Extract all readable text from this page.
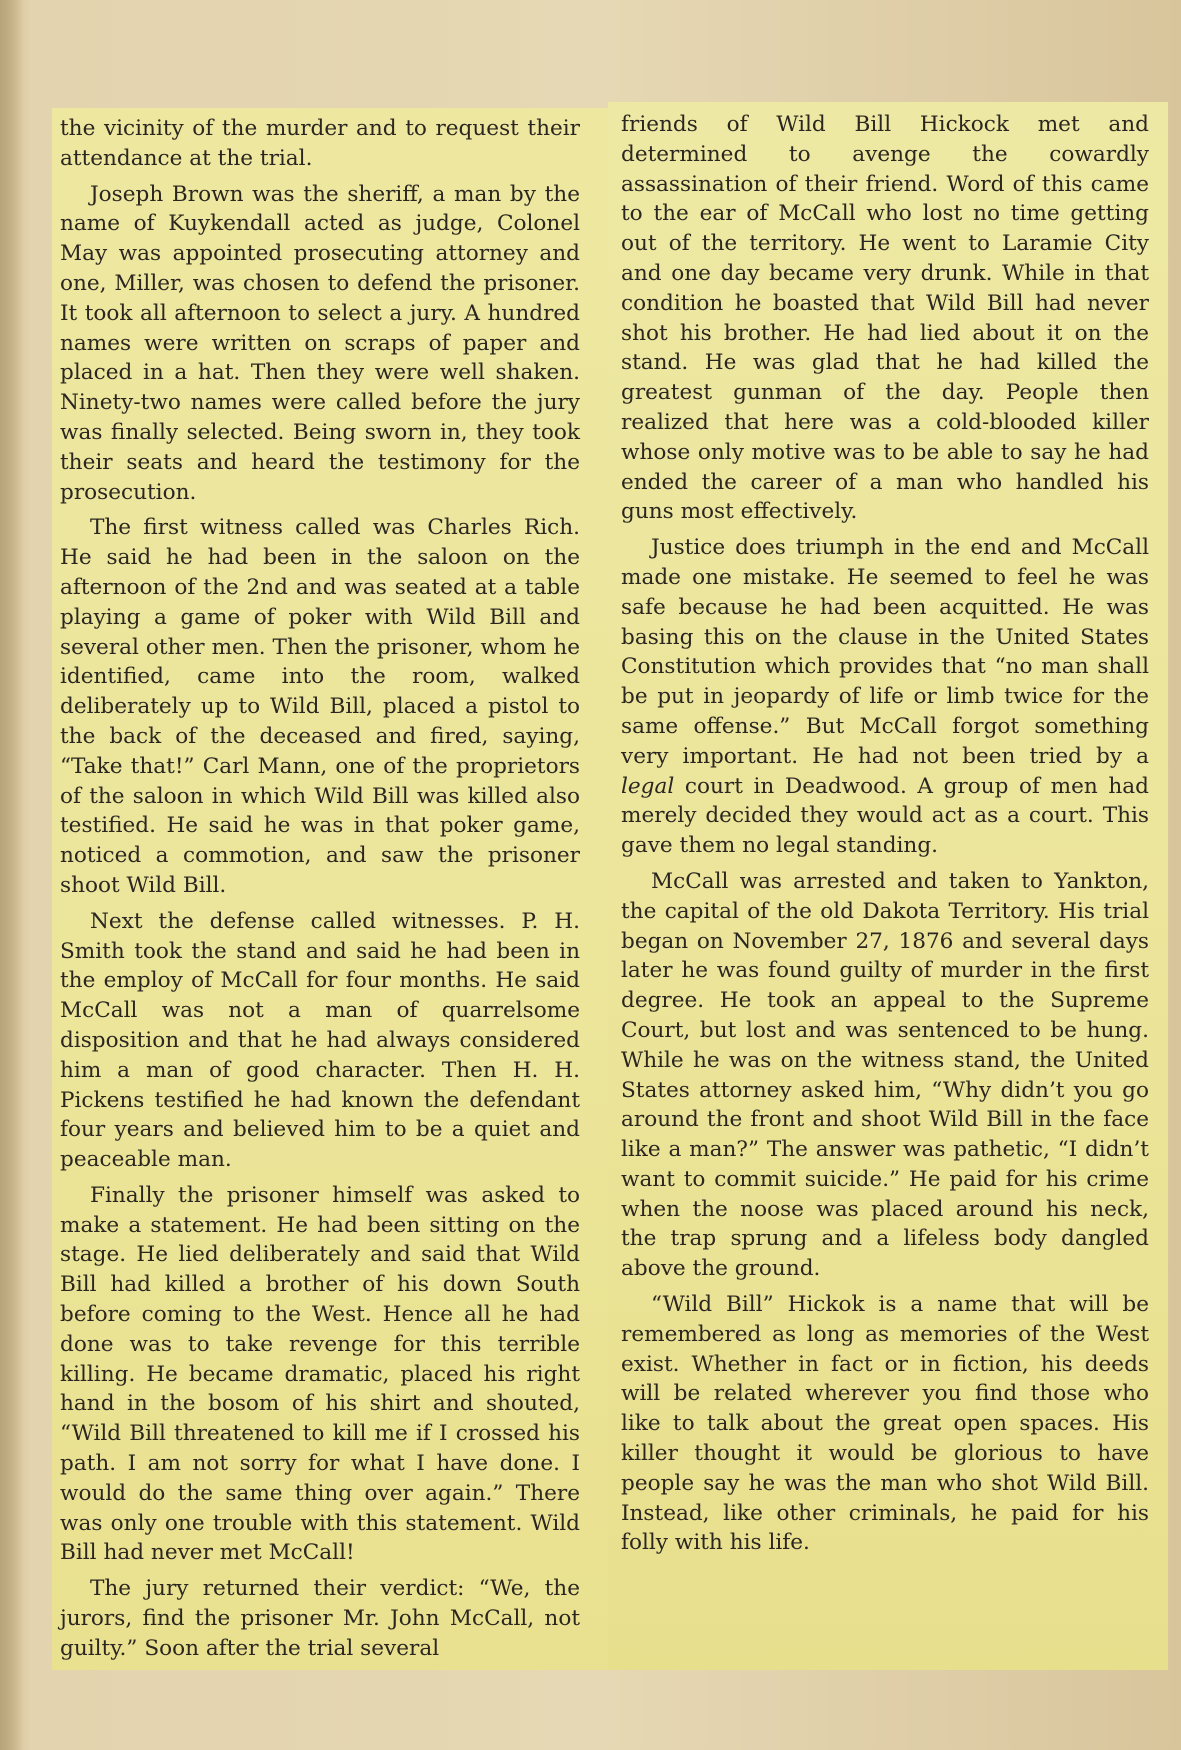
the vicinity of the murder and to request their attendance at the trial.

Joseph Brown was the sheriff, a man by the name of Kuykendall acted as judge, Colonel May was appointed prosecuting attorney and one, Miller, was chosen to defend the prisoner. It took all afternoon to select a jury. A hundred names were written on scraps of paper and placed in a hat. Then they were well shaken. Ninety-two names were called before the jury was finally selected. Being sworn in, they took their seats and heard the testimony for the prosecution.

The first witness called was Charles Rich. He said he had been in the saloon on the afternoon of the 2nd and was seated at a table playing a game of poker with Wild Bill and several other men. Then the prisoner, whom he identified, came into the room, walked deliberately up to Wild Bill, placed a pistol to the back of the deceased and fired, saying, “Take that!” Carl Mann, one of the proprietors of the saloon in which Wild Bill was killed also testified. He said he was in that poker game, noticed a commotion, and saw the prisoner shoot Wild Bill.

Next the defense called witnesses. P. H. Smith took the stand and said he had been in the employ of McCall for four months. He said McCall was not a man of quarrelsome disposition and that he had always considered him a man of good character. Then H. H. Pickens testified he had known the defendant four years and believed him to be a quiet and peaceable man.

Finally the prisoner himself was asked to make a statement. He had been sitting on the stage. He lied deliberately and said that Wild Bill had killed a brother of his down South before coming to the West. Hence all he had done was to take revenge for this terrible killing. He became dramatic, placed his right hand in the bosom of his shirt and shouted, “Wild Bill threatened to kill me if I crossed his path. I am not sorry for what I have done. I would do the same thing over again.” There was only one trouble with this statement. Wild Bill had never met McCall!

The jury returned their verdict: “We, the jurors, find the prisoner Mr. John McCall, not guilty.” Soon after the trial several

friends of Wild Bill Hickock met and determined to avenge the cowardly assassination of their friend. Word of this came to the ear of McCall who lost no time getting out of the territory. He went to Laramie City and one day became very drunk. While in that condition he boasted that Wild Bill had never shot his brother. He had lied about it on the stand. He was glad that he had killed the greatest gunman of the day. People then realized that here was a cold-blooded killer whose only motive was to be able to say he had ended the career of a man who handled his guns most effectively.

Justice does triumph in the end and McCall made one mistake. He seemed to feel he was safe because he had been acquitted. He was basing this on the clause in the United States Constitution which provides that “no man shall be put in jeopardy of life or limb twice for the same offense.” But McCall forgot something very important. He had not been tried by a legal court in Deadwood. A group of men had merely decided they would act as a court. This gave them no legal standing.

McCall was arrested and taken to Yankton, the capital of the old Dakota Territory. His trial began on November 27, 1876 and several days later he was found guilty of murder in the first degree. He took an appeal to the Supreme Court, but lost and was sentenced to be hung. While he was on the witness stand, the United States attorney asked him, “Why didn’t you go around the front and shoot Wild Bill in the face like a man?” The answer was pathetic, “I didn’t want to commit suicide.” He paid for his crime when the noose was placed around his neck, the trap sprung and a lifeless body dangled above the ground.

“Wild Bill” Hickok is a name that will be remembered as long as memories of the West exist. Whether in fact or in fiction, his deeds will be related wherever you find those who like to talk about the great open spaces. His killer thought it would be glorious to have people say he was the man who shot Wild Bill. Instead, like other criminals, he paid for his folly with his life.
